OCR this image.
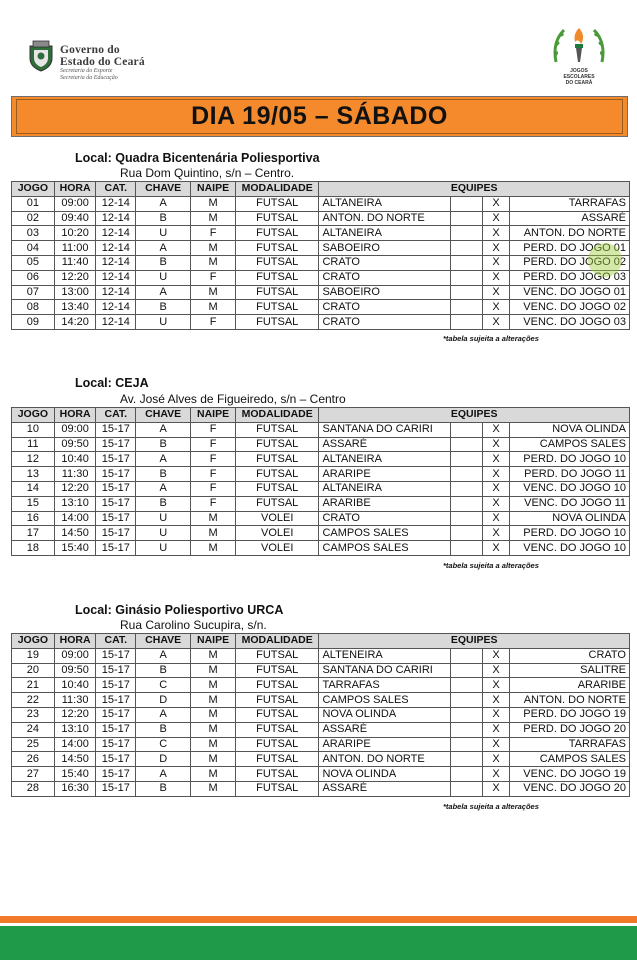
Governo do
Estado do Ceará
Secretaria do Esporte
Secretaria da Educação
JOGOS
ESCOLARES
DO CEARÁ
DIA 19/05 – SÁBADO
Local: Quadra Bicentenária Poliesportiva
Rua Dom Quintino, s/n – Centro.
JOGO	HORA	CAT.	CHAVE	NAIPE	MODALIDADE	EQUIPES			
01	09:00	12-14	A	M	FUTSAL	ALTANEIRA		X	TARRAFAS
02	09:40	12-14	B	M	FUTSAL	ANTON. DO NORTE		X	ASSARÉ
03	10:20	12-14	U	F	FUTSAL	ALTANEIRA		X	ANTON. DO NORTE
04	11:00	12-14	A	M	FUTSAL	SABOEIRO		X	PERD. DO JOGO 01
05	11:40	12-14	B	M	FUTSAL	CRATO		X	PERD. DO JOGO 02
06	12:20	12-14	U	F	FUTSAL	CRATO		X	PERD. DO JOGO 03
07	13:00	12-14	A	M	FUTSAL	SABOEIRO		X	VENC. DO JOGO 01
08	13:40	12-14	B	M	FUTSAL	CRATO		X	VENC. DO JOGO 02
09	14:20	12-14	U	F	FUTSAL	CRATO		X	VENC. DO JOGO 03
*tabela sujeita a alterações
Local: CEJA
Av. José Alves de Figueiredo, s/n – Centro
JOGO	HORA	CAT.	CHAVE	NAIPE	MODALIDADE	EQUIPES			
10	09:00	15-17	A	F	FUTSAL	SANTANA DO CARIRI		X	NOVA OLINDA
11	09:50	15-17	B	F	FUTSAL	ASSARÉ		X	CAMPOS SALES
12	10:40	15-17	A	F	FUTSAL	ALTANEIRA		X	PERD. DO JOGO 10
13	11:30	15-17	B	F	FUTSAL	ARARIPE		X	PERD. DO JOGO 11
14	12:20	15-17	A	F	FUTSAL	ALTANEIRA		X	VENC. DO JOGO 10
15	13:10	15-17	B	F	FUTSAL	ARARIBE		X	VENC. DO JOGO 11
16	14:00	15-17	U	M	VOLEI	CRATO		X	NOVA OLINDA
17	14:50	15-17	U	M	VOLEI	CAMPOS SALES		X	PERD. DO JOGO 10
18	15:40	15-17	U	M	VOLEI	CAMPOS SALES		X	VENC. DO JOGO 10
*tabela sujeita a alterações
Local: Ginásio Poliesportivo URCA
Rua Carolino Sucupira, s/n.
JOGO	HORA	CAT.	CHAVE	NAIPE	MODALIDADE	EQUIPES			
19	09:00	15-17	A	M	FUTSAL	ALTENEIRA		X	CRATO
20	09:50	15-17	B	M	FUTSAL	SANTANA DO CARIRI		X	SALITRE
21	10:40	15-17	C	M	FUTSAL	TARRAFAS		X	ARARIBE
22	11:30	15-17	D	M	FUTSAL	CAMPOS SALES		X	ANTON. DO NORTE
23	12:20	15-17	A	M	FUTSAL	NOVA OLINDA		X	PERD. DO JOGO 19
24	13:10	15-17	B	M	FUTSAL	ASSARÉ		X	PERD. DO JOGO 20
25	14:00	15-17	C	M	FUTSAL	ARARIPE		X	TARRAFAS
26	14:50	15-17	D	M	FUTSAL	ANTON. DO NORTE		X	CAMPOS SALES
27	15:40	15-17	A	M	FUTSAL	NOVA OLINDA		X	VENC. DO JOGO 19
28	16:30	15-17	B	M	FUTSAL	ASSARÉ		X	VENC. DO JOGO 20
*tabela sujeita a alterações
